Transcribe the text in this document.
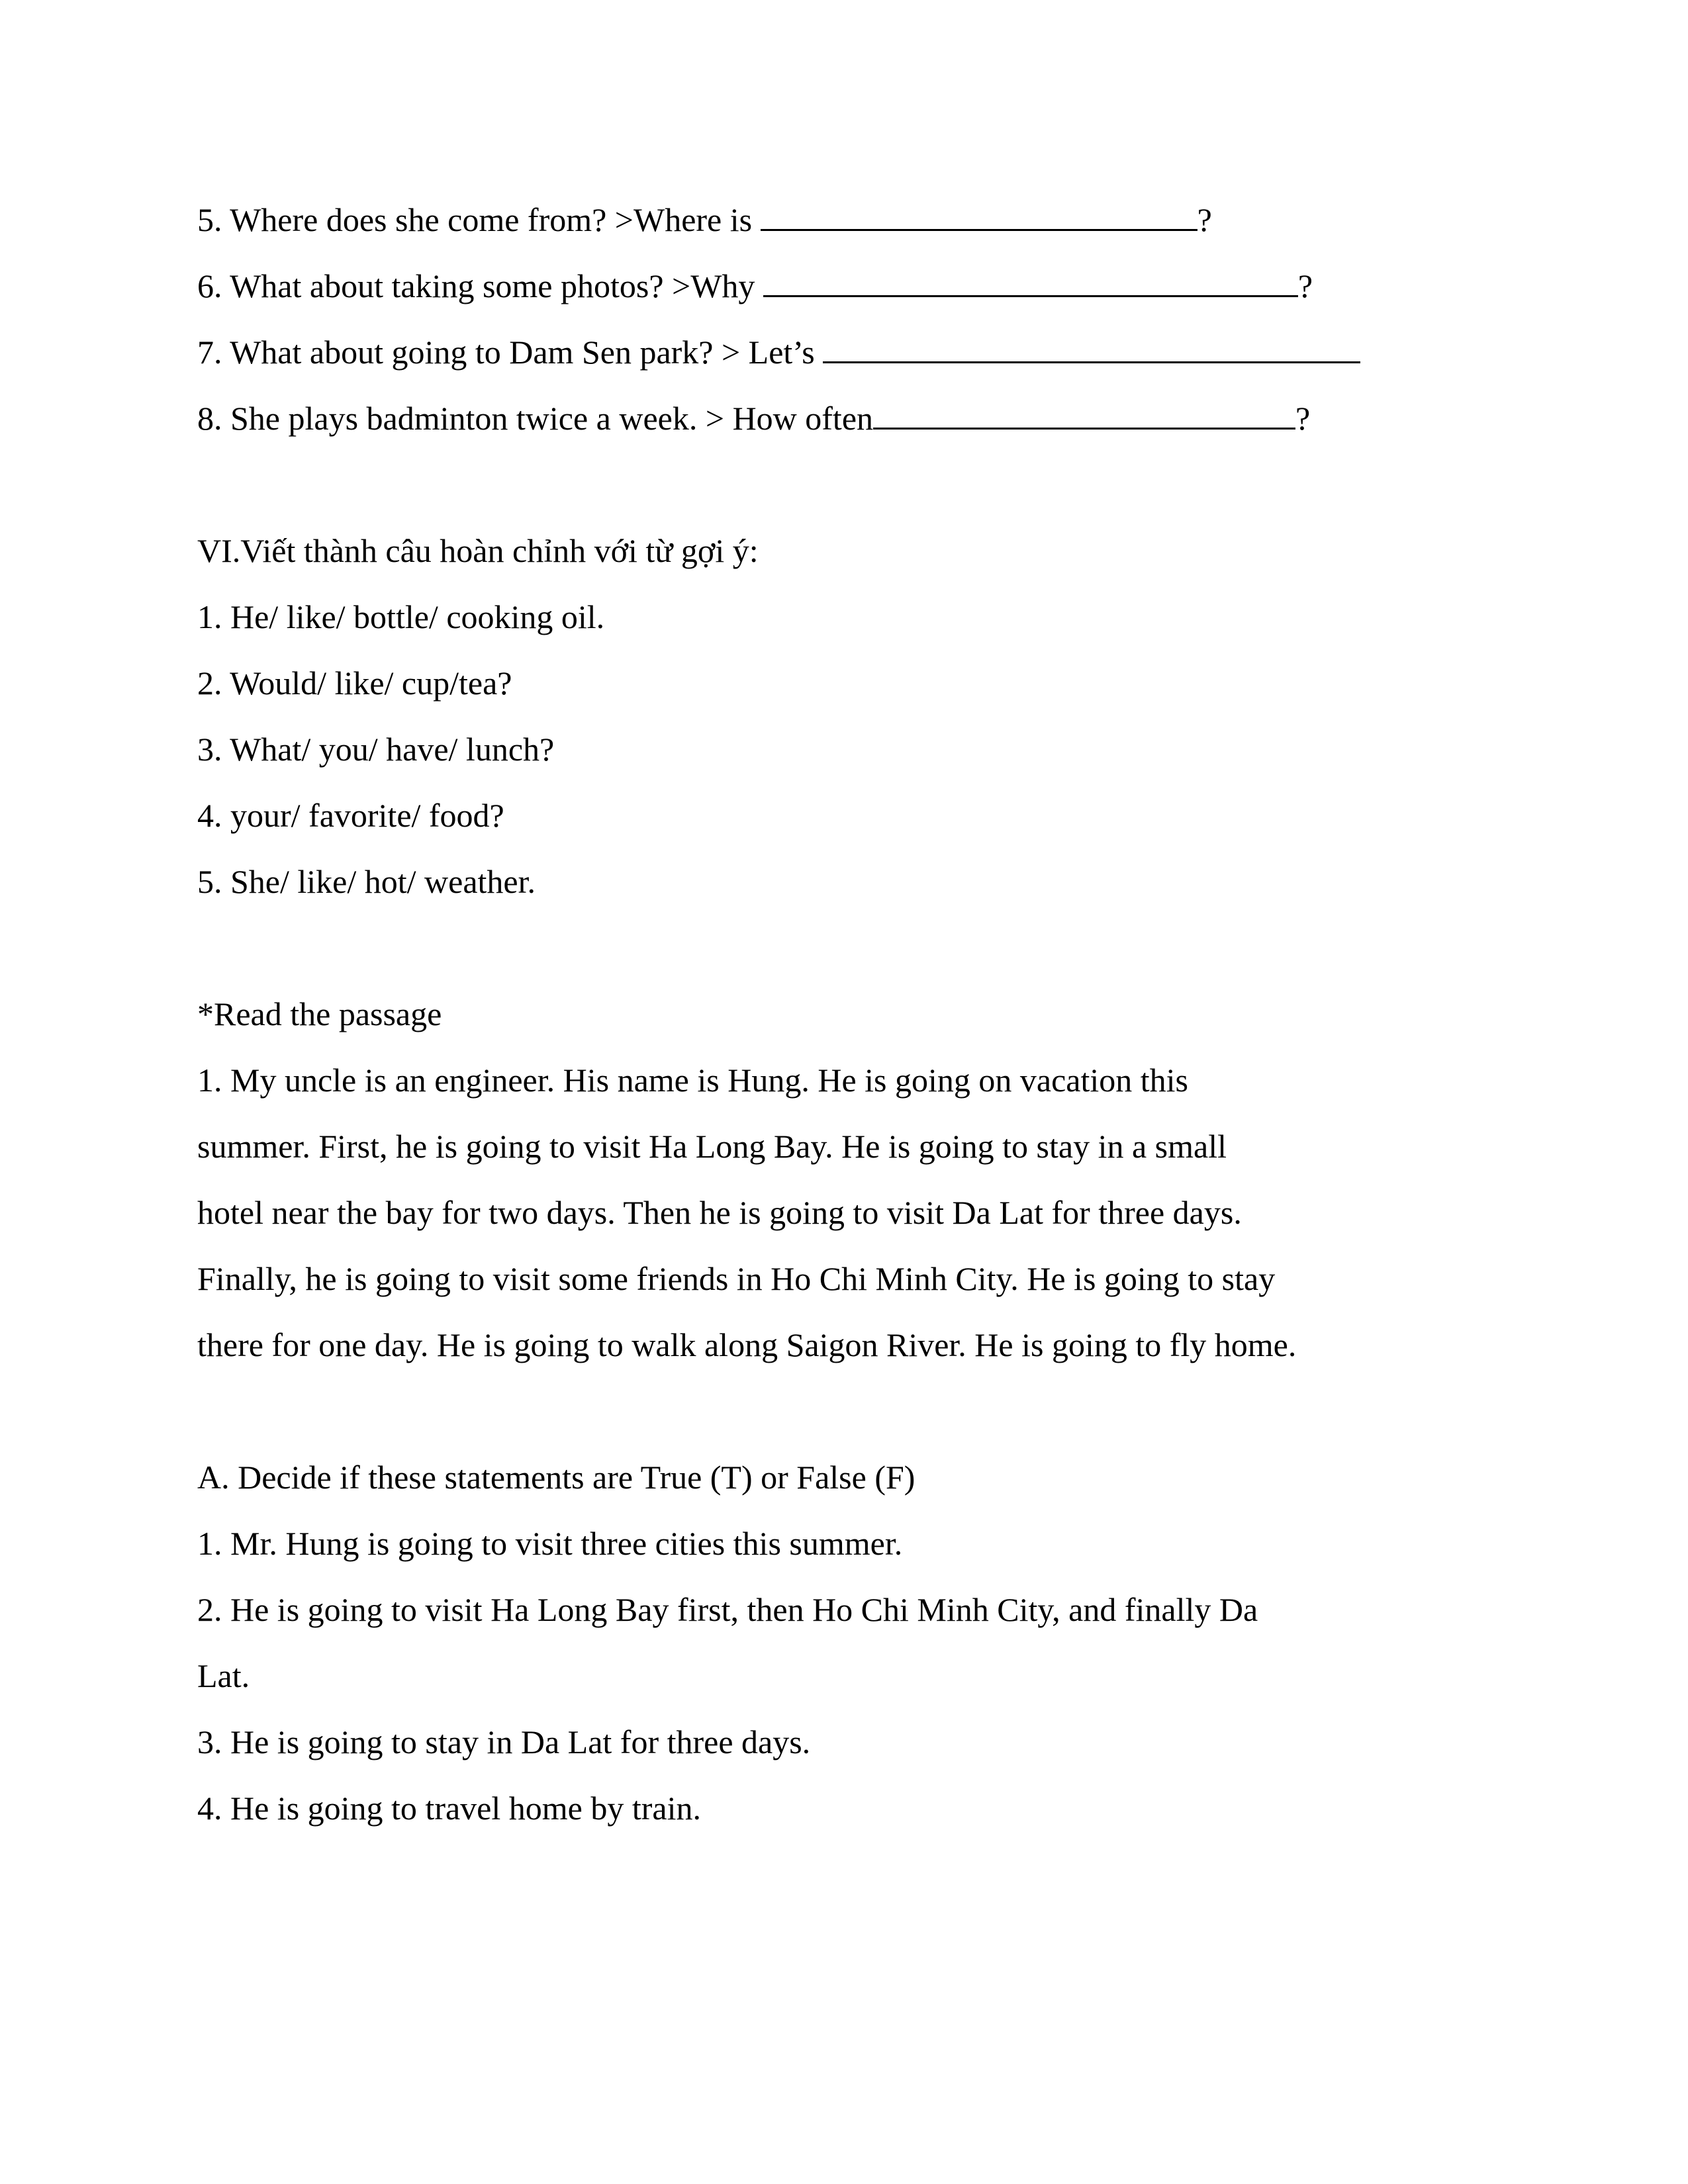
5. Where does she come from? >Where is	?
6. What about taking some photos? >Why	?
7. What about going to Dam Sen park? > Let’s
8. She plays badminton twice a week. > How often	?
VI.Viết thành câu hoàn chỉnh với từ gợi ý:
1. He/ like/ bottle/ cooking oil.
2. Would/ like/ cup/tea?
3. What/ you/ have/ lunch?
4. your/ favorite/ food?
5. She/ like/ hot/ weather.
*Read the passage
1. My uncle is an engineer. His name is Hung. He is going on vacation this
summer. First, he is going to visit Ha Long Bay. He is going to stay in a small
hotel near the bay for two days. Then he is going to visit Da Lat for three days.
Finally, he is going to visit some friends in Ho Chi Minh City. He is going to stay
there for one day. He is going to walk along Saigon River. He is going to fly home.
A. Decide if these statements are True (T) or False (F)
1. Mr. Hung is going to visit three cities this summer.
2. He is going to visit Ha Long Bay first, then Ho Chi Minh City, and finally Da
Lat.
3. He is going to stay in Da Lat for three days.
4. He is going to travel home by train.
